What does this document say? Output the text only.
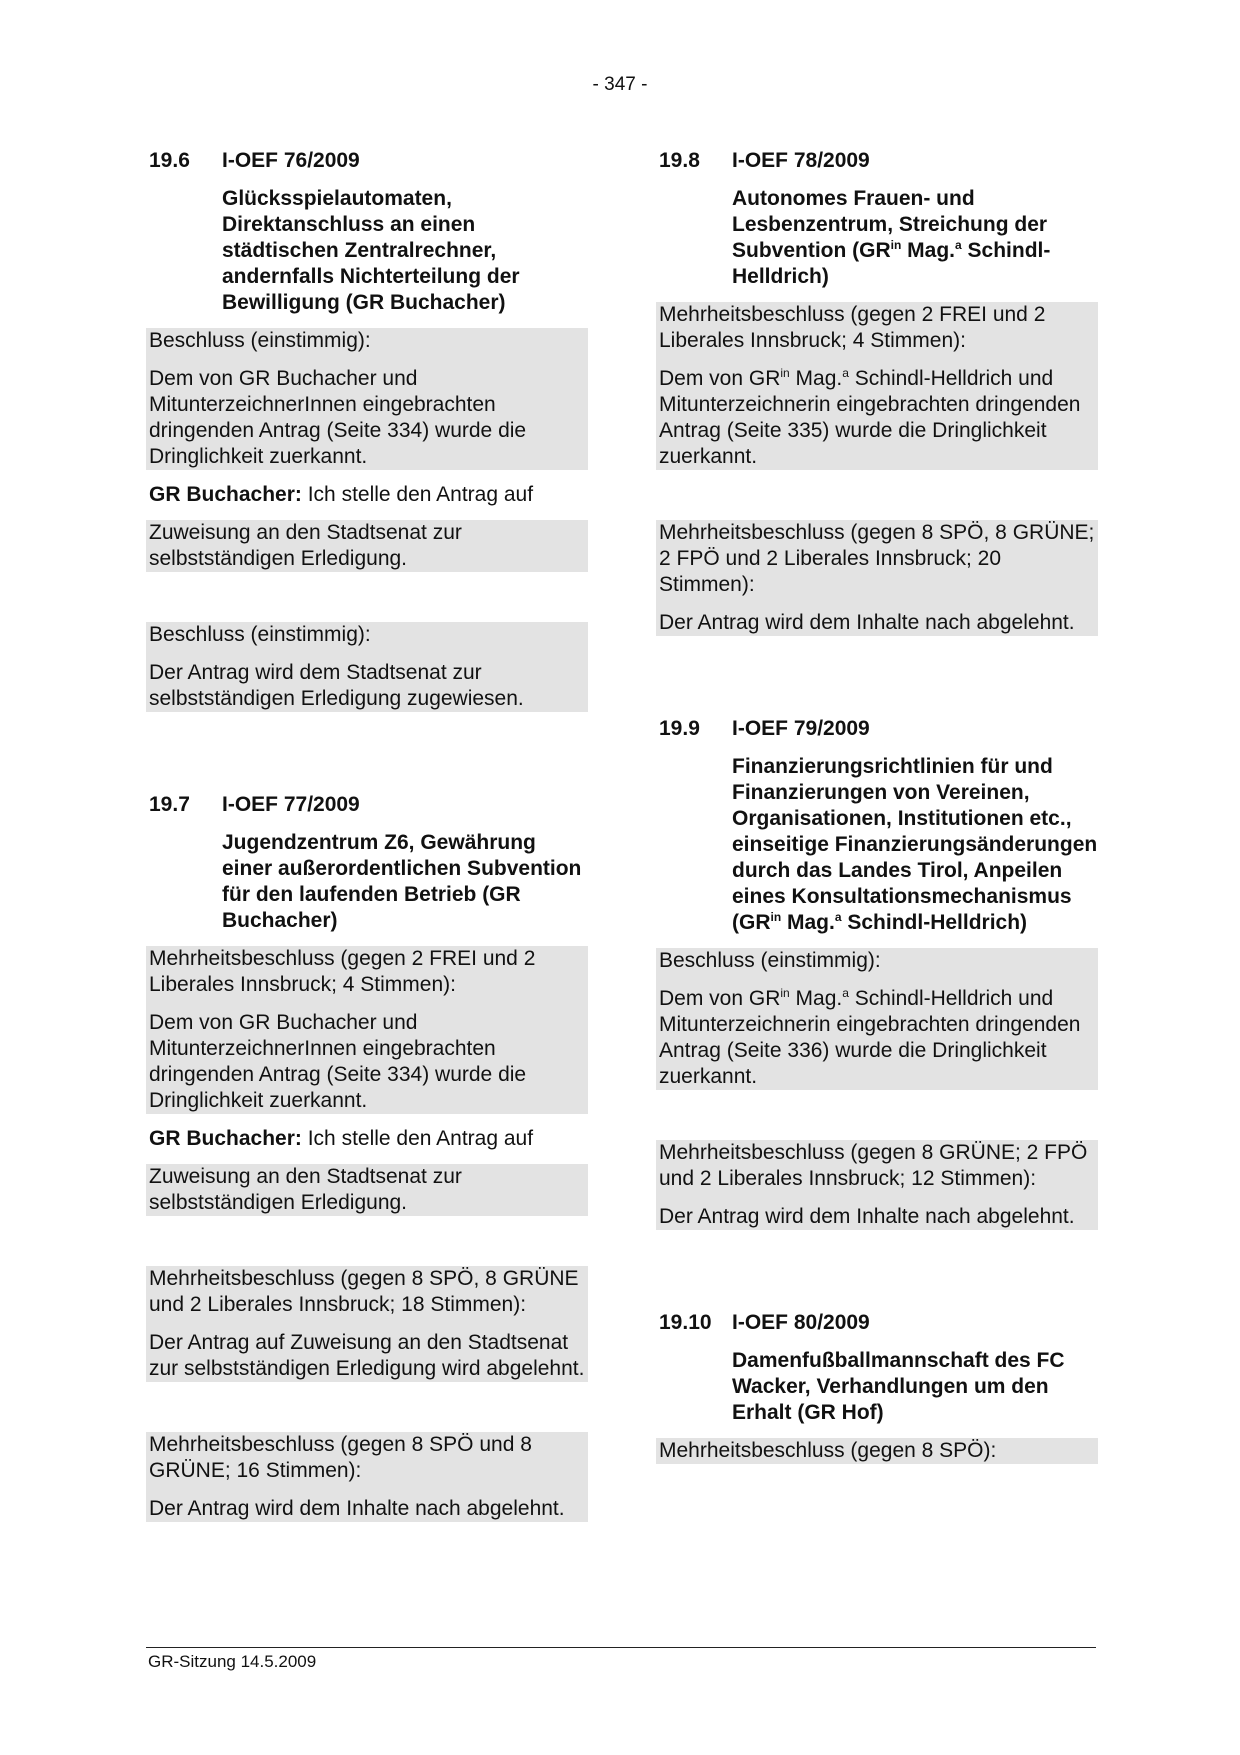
- 347 -
19.6	I-OEF 76/2009
Glücksspielautomaten, Direktanschluss an einen städtischen Zentralrechner, andernfalls Nichterteilung der Bewilligung (GR Buchacher)
Beschluss (einstimmig):
Dem von GR Buchacher und MitunterzeichnerInnen eingebrachten dringenden Antrag (Seite 334) wurde die Dringlichkeit zuerkannt.
GR Buchacher: Ich stelle den Antrag auf
Zuweisung an den Stadtsenat zur selbstständigen Erledigung.
Beschluss (einstimmig):
Der Antrag wird dem Stadtsenat zur selbstständigen Erledigung zugewiesen.
19.7	I-OEF 77/2009
Jugendzentrum Z6, Gewährung einer außerordentlichen Subvention für den laufenden Betrieb (GR Buchacher)
Mehrheitsbeschluss (gegen 2 FREI und 2 Liberales Innsbruck; 4 Stimmen):
Dem von GR Buchacher und MitunterzeichnerInnen eingebrachten dringenden Antrag (Seite 334) wurde die Dringlichkeit zuerkannt.
GR Buchacher: Ich stelle den Antrag auf
Zuweisung an den Stadtsenat zur selbstständigen Erledigung.
Mehrheitsbeschluss (gegen 8 SPÖ, 8 GRÜNE und 2 Liberales Innsbruck; 18 Stimmen):
Der Antrag auf Zuweisung an den Stadtsenat zur selbstständigen Erledigung wird abgelehnt.
Mehrheitsbeschluss (gegen 8 SPÖ und 8 GRÜNE; 16 Stimmen):
Der Antrag wird dem Inhalte nach abgelehnt.
19.8	I-OEF 78/2009
Autonomes Frauen- und Lesbenzentrum, Streichung der Subvention ($GR^{in}$ Mag.$^a$ Schindl-Helldrich)
Mehrheitsbeschluss (gegen 2 FREI und 2 Liberales Innsbruck; 4 Stimmen):
Dem von $GR^{in}$ Mag.$^a$ Schindl-Helldrich und Mitunterzeichnerin eingebrachten dringenden Antrag (Seite 335) wurde die Dringlichkeit zuerkannt.
Mehrheitsbeschluss (gegen 8 SPÖ, 8 GRÜNE; 2 FPÖ und 2 Liberales Innsbruck; 20 Stimmen):
Der Antrag wird dem Inhalte nach abgelehnt.
19.9	I-OEF 79/2009
Finanzierungsrichtlinien für und Finanzierungen von Vereinen, Organisationen, Institutionen etc., einseitige Finanzierungsänderungen durch das Landes Tirol, Anpeilen eines Konsultationsmechanismus ($GR^{in}$ Mag.$^a$ Schindl-Helldrich)
Beschluss (einstimmig):
Dem von $GR^{in}$ Mag.$^a$ Schindl-Helldrich und Mitunterzeichnerin eingebrachten dringenden Antrag (Seite 336) wurde die Dringlichkeit zuerkannt.
Mehrheitsbeschluss (gegen 8 GRÜNE; 2 FPÖ und 2 Liberales Innsbruck; 12 Stimmen):
Der Antrag wird dem Inhalte nach abgelehnt.
19.10 I-OEF 80/2009
Damenfußballmannschaft des FC Wacker, Verhandlungen um den Erhalt (GR Hof)
Mehrheitsbeschluss (gegen 8 SPÖ):
GR-Sitzung 14.5.2009
